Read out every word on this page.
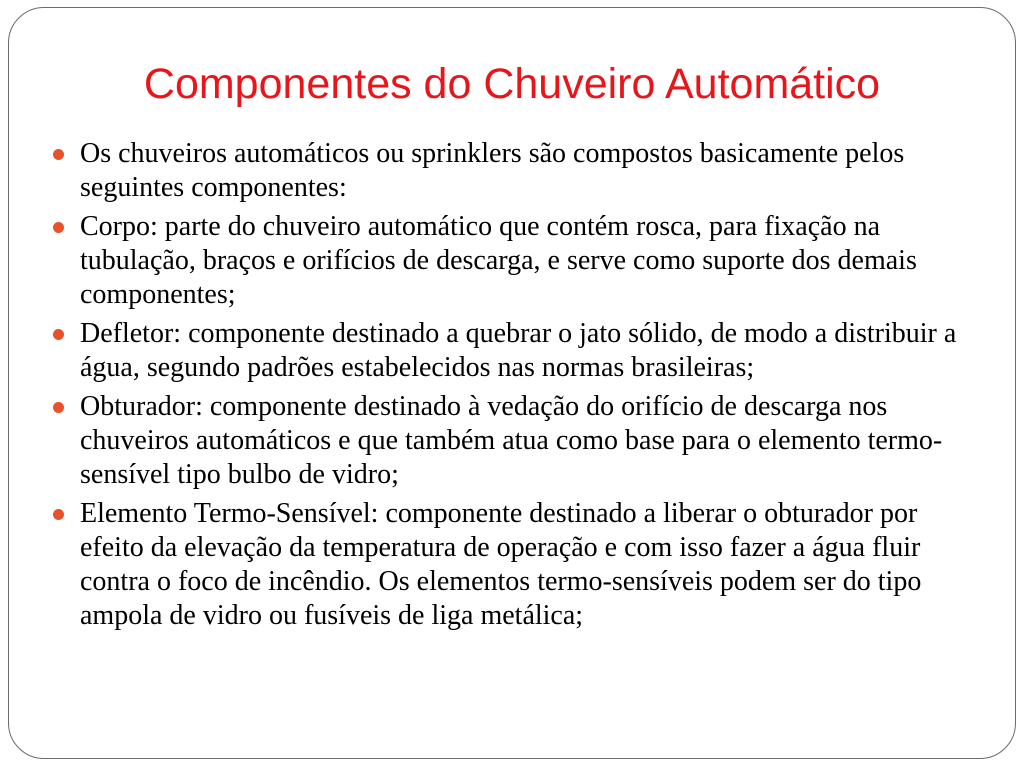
Componentes do Chuveiro Automático
Os chuveiros automáticos ou sprinklers são compostos basicamente pelos seguintes componentes:
Corpo: parte do chuveiro automático que contém rosca, para fixação na tubulação, braços e orifícios de descarga, e serve como suporte dos demais componentes;
Defletor: componente destinado a quebrar o jato sólido, de modo a distribuir a água, segundo padrões estabelecidos nas normas brasileiras;
Obturador: componente destinado à vedação do orifício de descarga nos chuveiros automáticos e que também atua como base para o elemento termo-sensível tipo bulbo de vidro;
Elemento Termo-Sensível: componente destinado a liberar o obturador por efeito da elevação da temperatura de operação e com isso fazer a água fluir contra o foco de incêndio. Os elementos termo-sensíveis podem ser do tipo ampola de vidro ou fusíveis de liga metálica;
